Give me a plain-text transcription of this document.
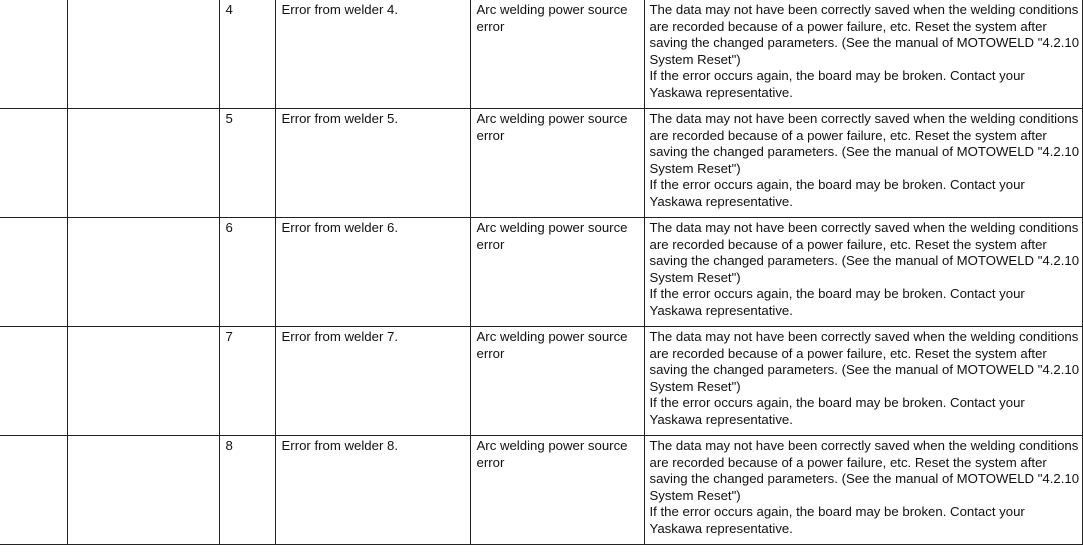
		4	Error from welder 4.	Arc welding power source error	The data may not have been correctly saved when the welding conditions are recorded because of a power failure, etc. Reset the system after saving the changed parameters. (See the manual of MOTOWELD "4.2.10 System Reset")
If the error occurs again, the board may be broken. Contact your Yaskawa representative.

		5	Error from welder 5.	Arc welding power source error	The data may not have been correctly saved when the welding conditions are recorded because of a power failure, etc. Reset the system after saving the changed parameters. (See the manual of MOTOWELD "4.2.10 System Reset")
If the error occurs again, the board may be broken. Contact your Yaskawa representative.

		6	Error from welder 6.	Arc welding power source error	The data may not have been correctly saved when the welding conditions are recorded because of a power failure, etc. Reset the system after saving the changed parameters. (See the manual of MOTOWELD "4.2.10 System Reset")
If the error occurs again, the board may be broken. Contact your Yaskawa representative.

		7	Error from welder 7.	Arc welding power source error	The data may not have been correctly saved when the welding conditions are recorded because of a power failure, etc. Reset the system after saving the changed parameters. (See the manual of MOTOWELD "4.2.10 System Reset")
If the error occurs again, the board may be broken. Contact your Yaskawa representative.

		8	Error from welder 8.	Arc welding power source error	The data may not have been correctly saved when the welding conditions are recorded because of a power failure, etc. Reset the system after saving the changed parameters. (See the manual of MOTOWELD "4.2.10 System Reset")
If the error occurs again, the board may be broken. Contact your Yaskawa representative.
